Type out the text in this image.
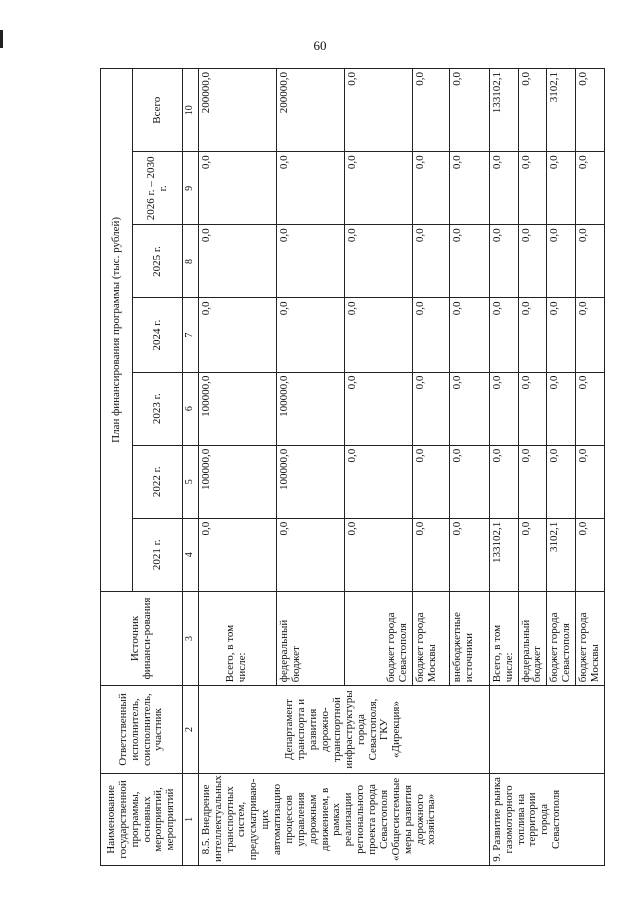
60
Наименование государственной программы, основных мероприятий, мероприятий	Ответственный исполнитель, соисполнитель, участник	Источник финанси-рования	План финансирования программы (тыс. рублей)						
			2021 г.	2022 г.	2023 г.	2024 г.	2025 г.	2026 г. – 2030 г.	Всего
1	2	3	4	5	6	7	8	9	10
8.5. Внедрение интеллектуальных транспортных систем, предусматриваю-щих автоматизацию процессов управления дорожным движением, в рамках реализации регионального проекта города Севастополя «Общесистемные меры развития дорожного хозяйства»	Департамент транспорта и развития дорожно-транспортной инфраструктуры города Севастополя, ГКУ «Дирекция»	Всего, в том числе:	0,0	100000,0	100000,0	0,0	0,0	0,0	200000,0
		федеральный бюджет	0,0	100000,0	100000,0	0,0	0,0	0,0	200000,0
		бюджет города Севастополя	0,0	0,0	0,0	0,0	0,0	0,0	0,0
		бюджет города Москвы	0,0	0,0	0,0	0,0	0,0	0,0	0,0
		внебюджетные источники	0,0	0,0	0,0	0,0	0,0	0,0	0,0
9. Развитие рынка газомоторного топлива на территории города Севастополя		Всего, в том числе:	133102,1	0,0	0,0	0,0	0,0	0,0	133102,1
		федеральный бюджет	0,0	0,0	0,0	0,0	0,0	0,0	0,0
		бюджет города Севастополя	3102,1	0,0	0,0	0,0	0,0	0,0	3102,1
		бюджет города Москвы	0,0	0,0	0,0	0,0	0,0	0,0	0,0
